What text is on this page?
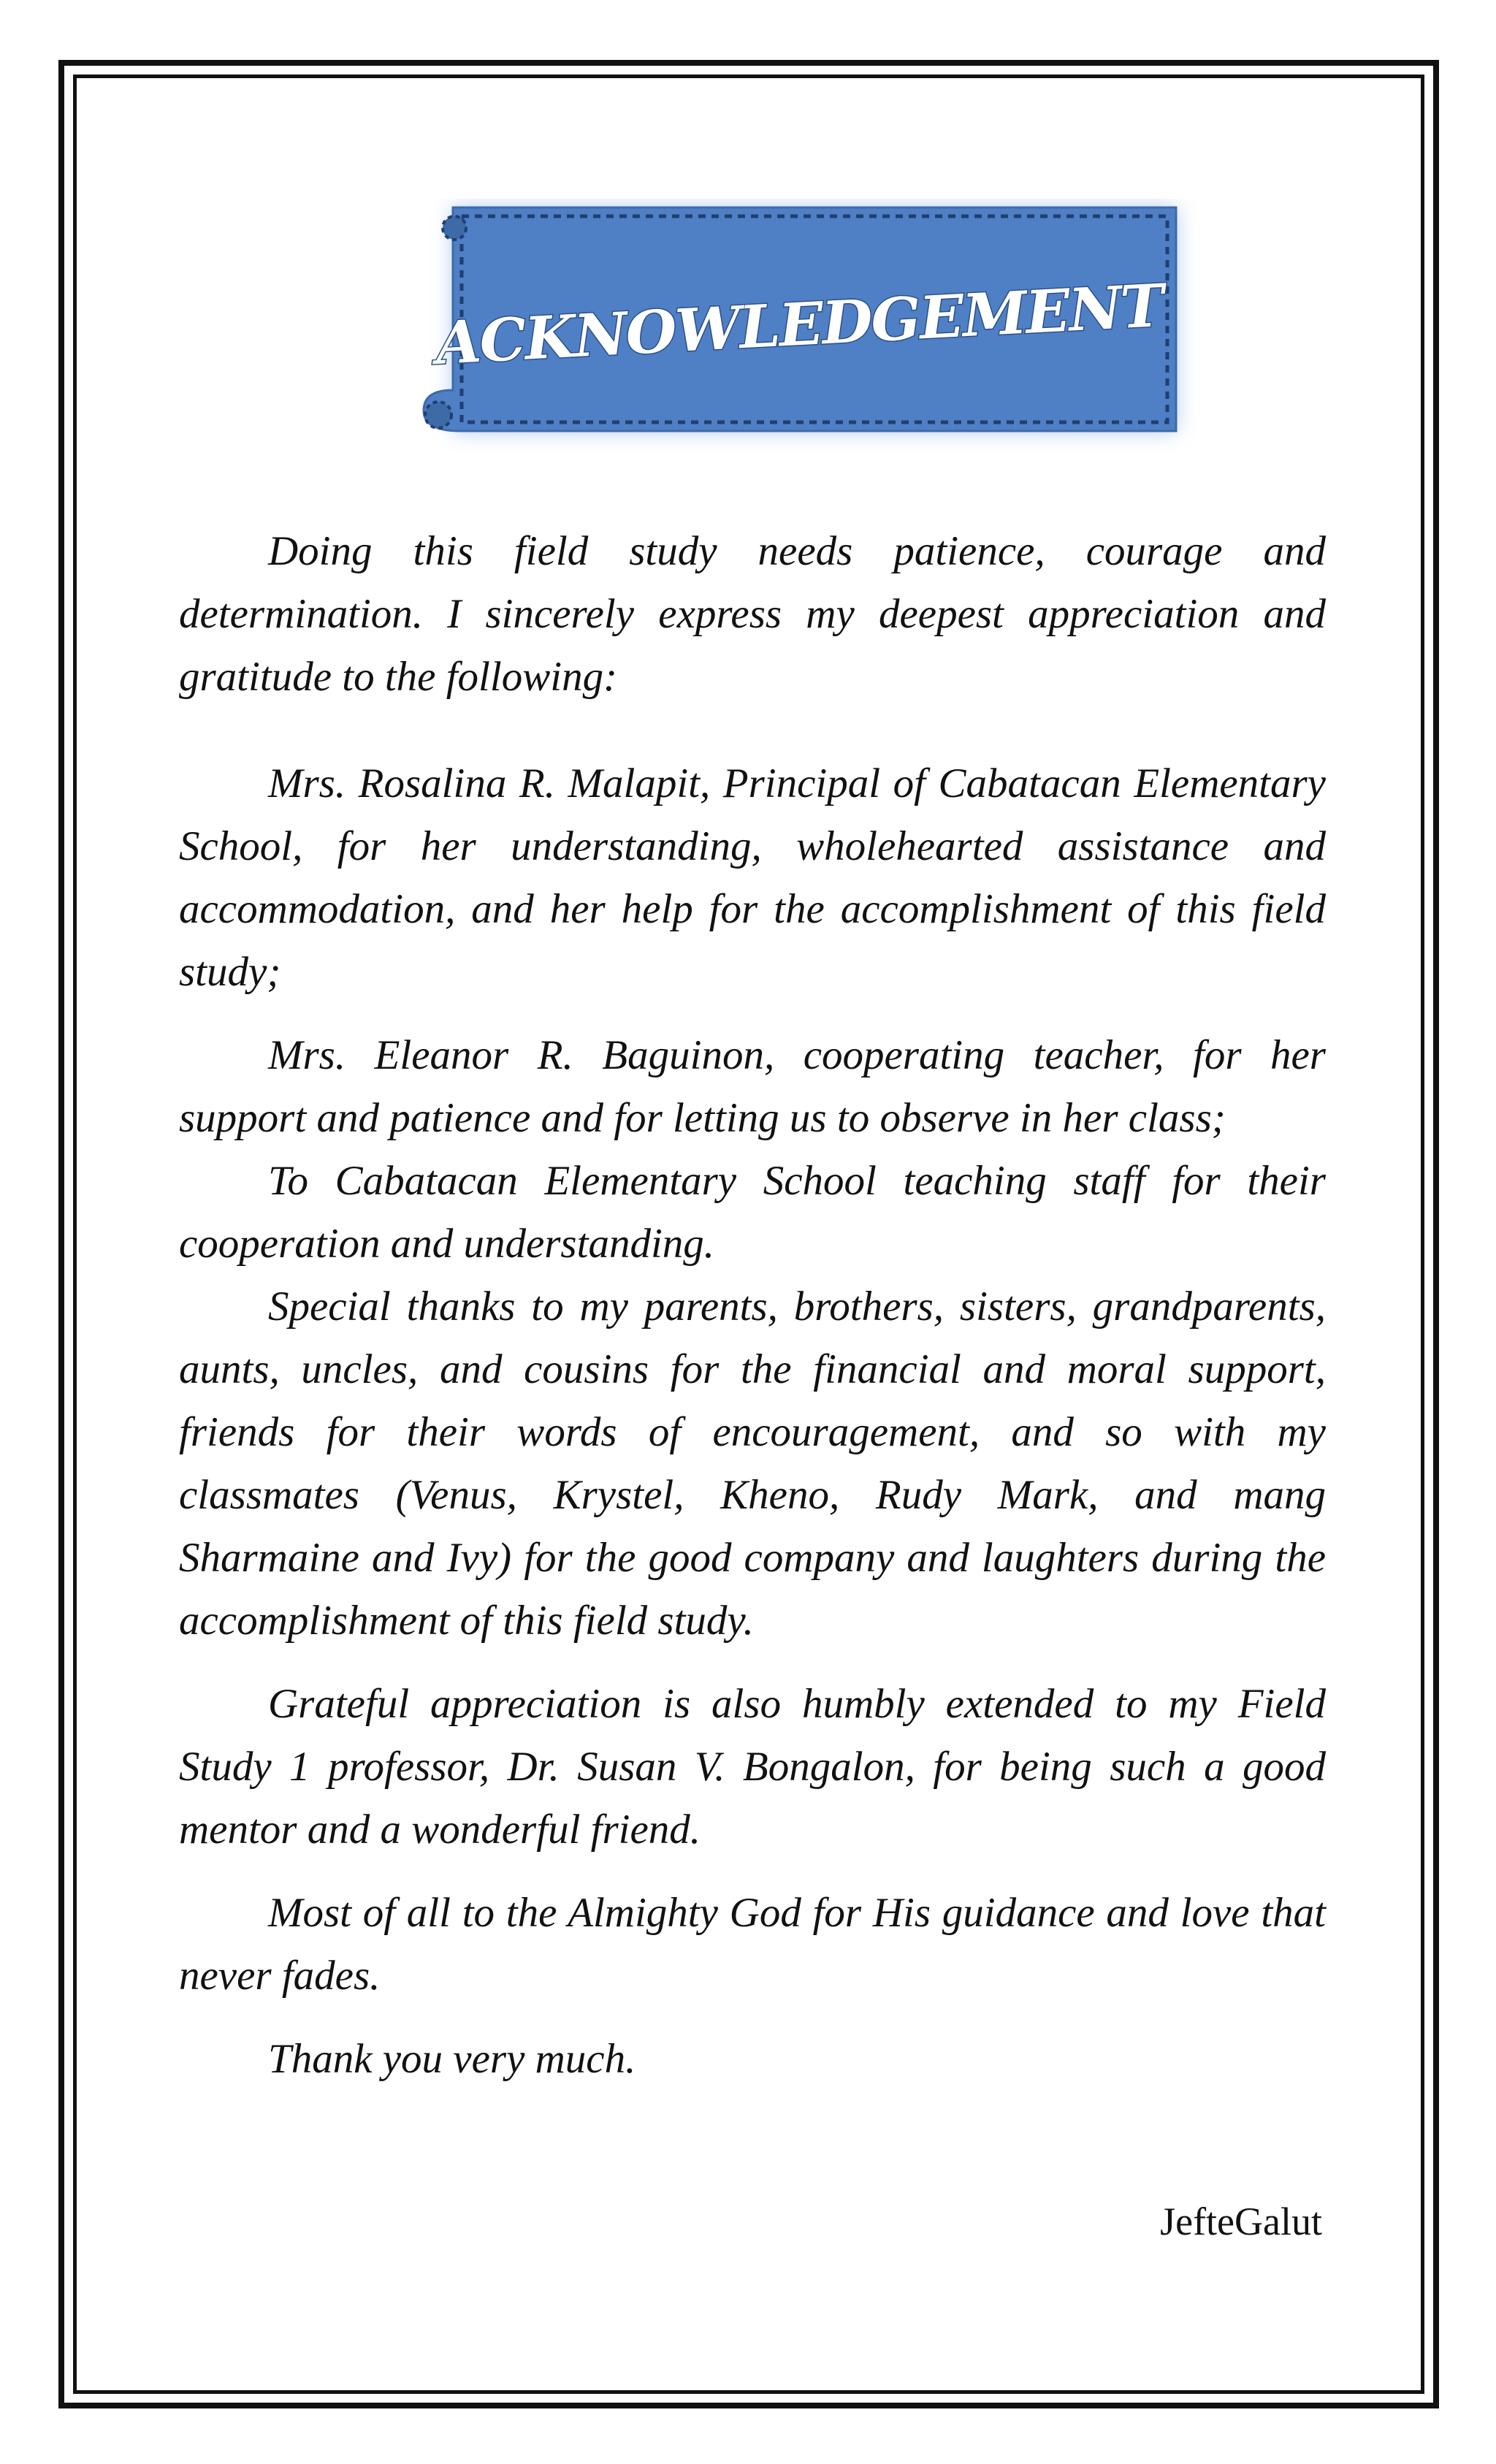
ACKNOWLEDGEMENT

Doing this field study needs patience, courage and determination. I sincerely express my deepest appreciation and gratitude to the following:

Mrs. Rosalina R. Malapit, Principal of Cabatacan Elementary School, for her understanding, wholehearted assistance and accommodation, and her help for the accomplishment of this field study;

Mrs. Eleanor R. Baguinon, cooperating teacher, for her support and patience and for letting us to observe in her class;

To Cabatacan Elementary School teaching staff for their cooperation and understanding.

Special thanks to my parents, brothers, sisters, grandparents, aunts, uncles, and cousins for the financial and moral support, friends for their words of encouragement, and so with my classmates (Venus, Krystel, Kheno, Rudy Mark, and mang Sharmaine and Ivy) for the good company and laughters during the accomplishment of this field study.

Grateful appreciation is also humbly extended to my Field Study 1 professor, Dr. Susan V. Bongalon, for being such a good mentor and a wonderful friend.

Most of all to the Almighty God for His guidance and love that never fades.

Thank you very much.

JefteGalut
